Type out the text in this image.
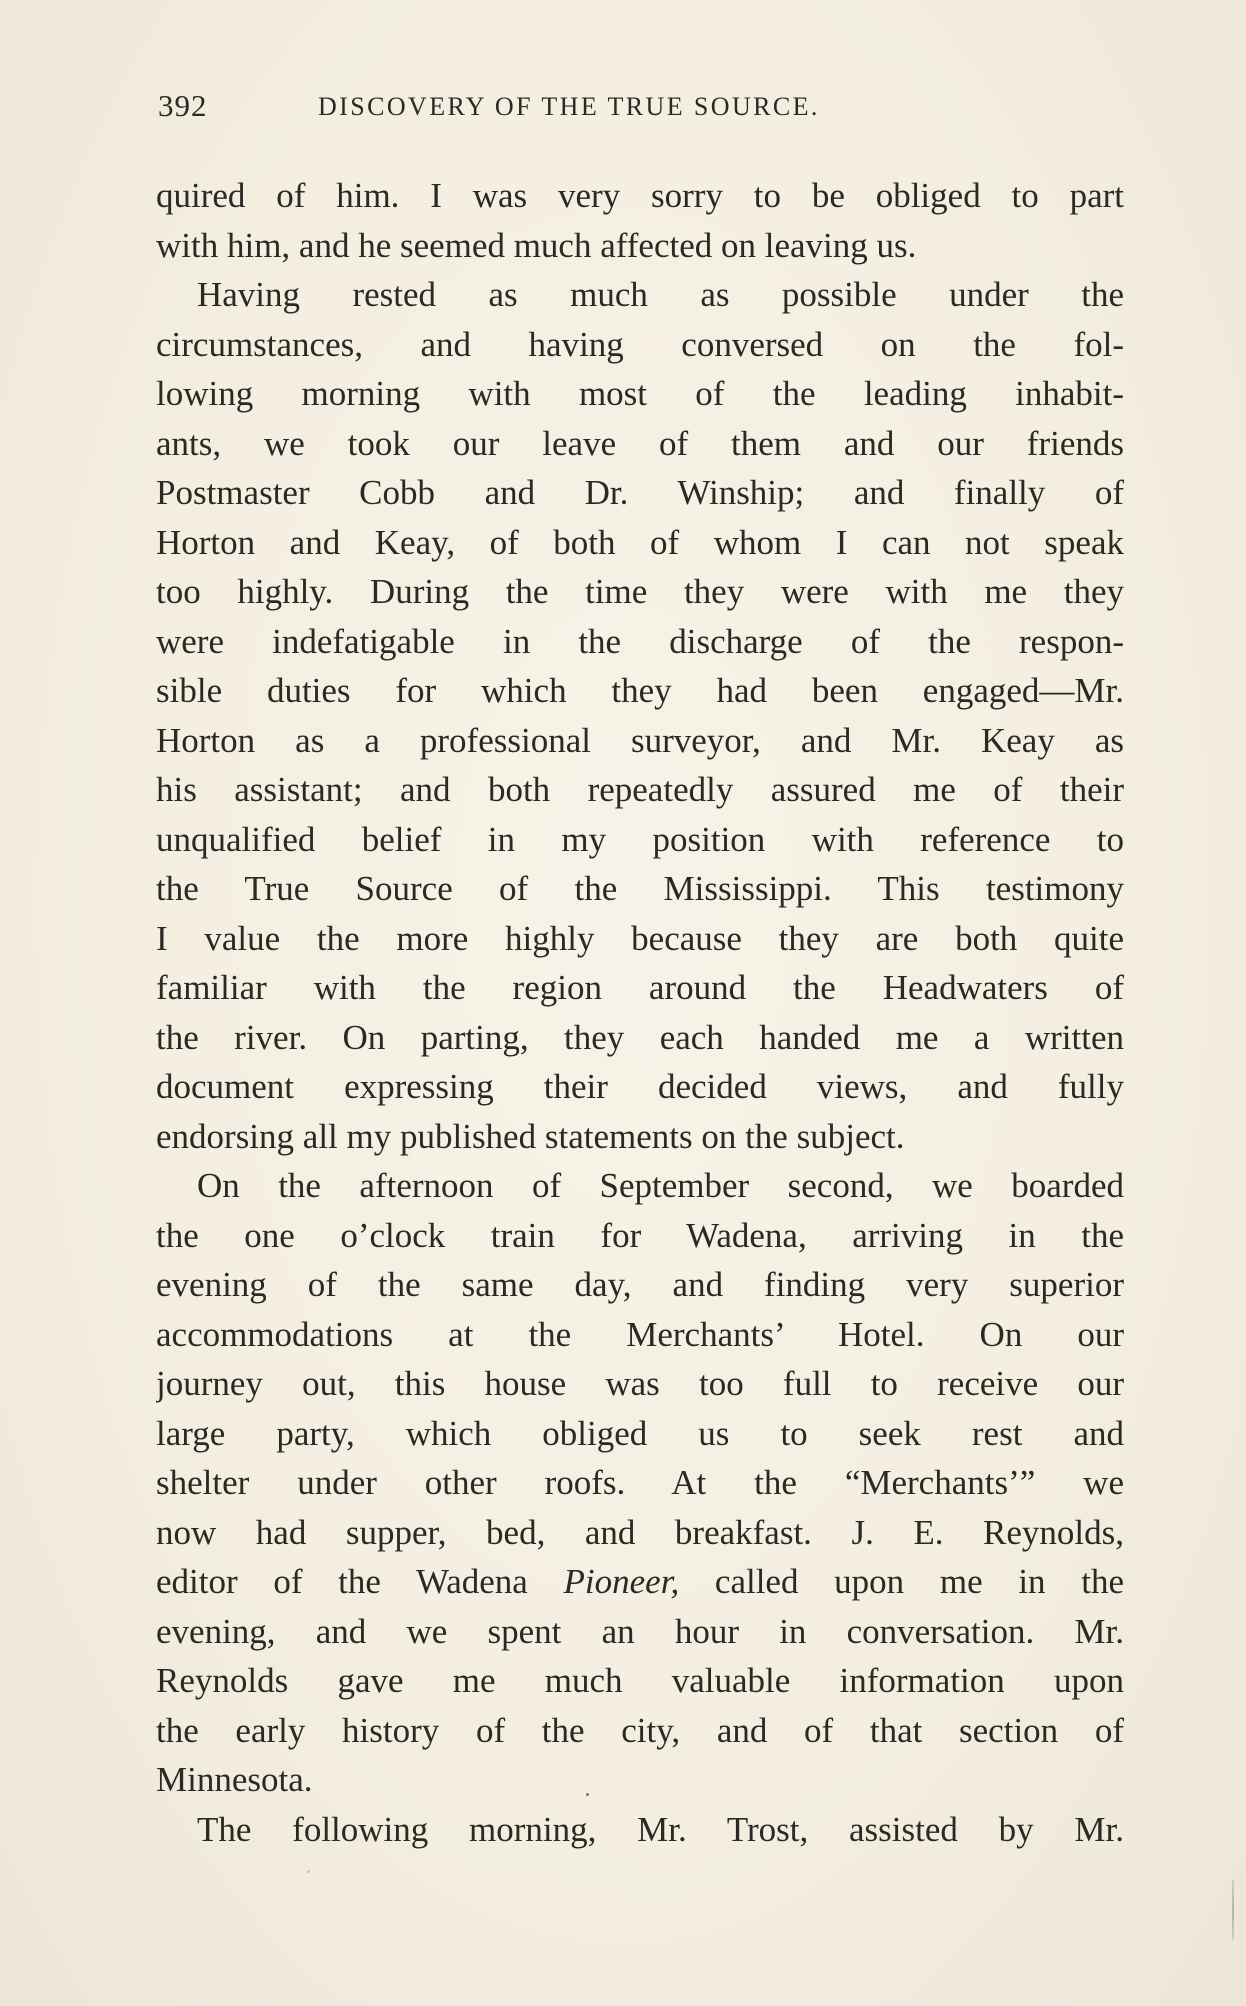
392	DISCOVERY OF THE TRUE SOURCE.
quired of him. I was very sorry to be obliged to part
with him, and he seemed much affected on leaving us.
Having rested as much as possible under the
circumstances, and having conversed on the fol-
lowing morning with most of the leading inhabit-
ants, we took our leave of them and our friends
Postmaster Cobb and Dr. Winship; and finally of
Horton and Keay, of both of whom I can not speak
too highly. During the time they were with me they
were indefatigable in the discharge of the respon-
sible duties for which they had been engaged—Mr.
Horton as a professional surveyor, and Mr. Keay as
his assistant; and both repeatedly assured me of their
unqualified belief in my position with reference to
the True Source of the Mississippi. This testimony
I value the more highly because they are both quite
familiar with the region around the Headwaters of
the river. On parting, they each handed me a written
document expressing their decided views, and fully
endorsing all my published statements on the subject.
On the afternoon of September second, we boarded
the one o’clock train for Wadena, arriving in the
evening of the same day, and finding very superior
accommodations at the Merchants’ Hotel. On our
journey out, this house was too full to receive our
large party, which obliged us to seek rest and
shelter under other roofs. At the “Merchants’” we
now had supper, bed, and breakfast. J. E. Reynolds,
editor of the Wadena Pioneer, called upon me in the
evening, and we spent an hour in conversation. Mr.
Reynolds gave me much valuable information upon
the early history of the city, and of that section of
Minnesota.
The following morning, Mr. Trost, assisted by Mr.
